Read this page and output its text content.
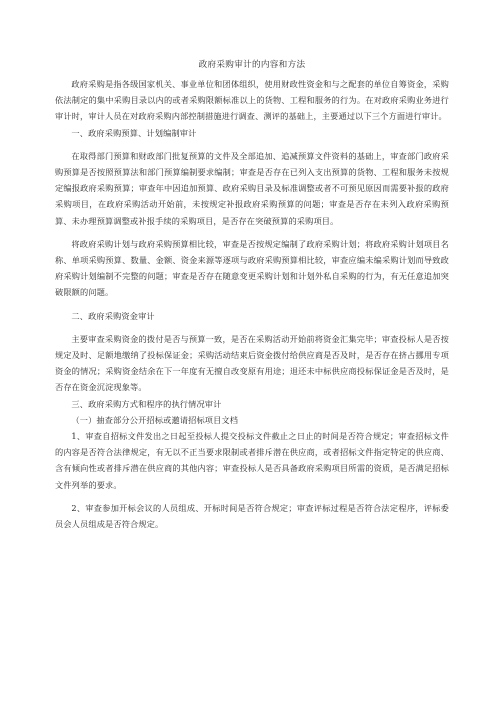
政府采购审计的内容和方法

政府采购是指各级国家机关、事业单位和团体组织，使用财政性资金和与之配套的单位自筹资金，采购依法制定的集中采购目录以内的或者采购限额标准以上的货物、工程和服务的行为。在对政府采购业务进行审计时，审计人员在对政府采购内部控制措施进行调查、测评的基础上，主要通过以下三个方面进行审计。

一、政府采购预算、计划编制审计

在取得部门预算和财政部门批复预算的文件及全部追加、追减预算文件资料的基础上，审查部门政府采购预算是否按照预算法和部门预算编制要求编制；审查是否存在已列入支出预算的货物、工程和服务未按规定编报政府采购预算；审查年中因追加预算、政府采购目录及标准调整或者不可预见原因而需要补报的政府采购项目，在政府采购活动开始前，未按规定补报政府采购预算的问题；审查是否存在未列入政府采购预算、未办理预算调整或补报手续的采购项目，是否存在突破预算的采购项目。

将政府采购计划与政府采购预算相比较，审查是否按规定编制了政府采购计划；将政府采购计划项目名称、单项采购预算、数量、金额、资金来源等逐项与政府采购预算相比较，审查应编未编采购计划而导致政府采购计划编制不完整的问题；审查是否存在随意变更采购计划和计划外私自采购的行为，有无任意追加突破限额的问题。

二、政府采购资金审计

主要审查采购资金的拨付是否与预算一致，是否在采购活动开始前将资金汇集完毕；审查投标人是否按规定及时、足额地缴纳了投标保证金；采购活动结束后资金拨付给供应商是否及时，是否存在挤占挪用专项资金的情况；采购资金结余在下一年度有无擅自改变原有用途；退还未中标供应商投标保证金是否及时，是否存在资金沉淀现象等。

三、政府采购方式和程序的执行情况审计

（一）抽查部分公开招标或邀请招标项目文档

1、审查自招标文件发出之日起至投标人提交投标文件截止之日止的时间是否符合规定；审查招标文件的内容是否符合法律规定，有无以不正当要求限制或者排斥潜在供应商，或者招标文件指定特定的供应商、含有倾向性或者排斥潜在供应商的其他内容；审查投标人是否具备政府采购项目所需的资质，是否满足招标文件列举的要求。

2、审查参加开标会议的人员组成、开标时间是否符合规定；审查评标过程是否符合法定程序，评标委员会人员组成是否符合规定。
